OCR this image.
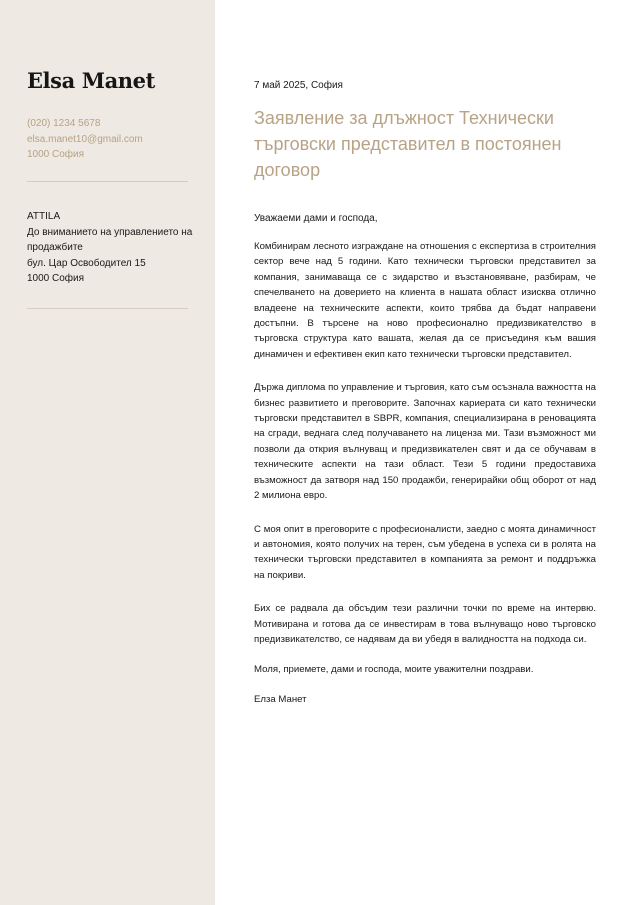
Elsa Manet
(020) 1234 5678
elsa.manet10@gmail.com
1000 София
ATTILA
До вниманието на управлението на продажбите
бул. Цар Освободител 15
1000 София
7 май 2025, София
Заявление за длъжност Технически търговски представител в постоянен договор
Уважаеми дами и господа,
Комбинирам лесното изграждане на отношения с експертиза в строителния сектор вече над 5 години. Като технически търговски представител за компания, занимаваща се с зидарство и възстановяване, разбирам, че спечелването на доверието на клиента в нашата област изисква отлично владеене на техническите аспекти, които трябва да бъдат направени достъпни. В търсене на ново професионално предизвикателство в търговска структура като вашата, желая да се присъединя към вашия динамичен и ефективен екип като технически търговски представител.
Държа диплома по управление и търговия, като съм осъзнала важността на бизнес развитието и преговорите. Започнах кариерата си като технически търговски представител в SBPR, компания, специализирана в реновацията на сгради, веднага след получаването на лиценза ми. Тази възможност ми позволи да открия вълнуващ и предизвикателен свят и да се обучавам в техническите аспекти на тази област. Тези 5 години предоставиха възможност да затворя над 150 продажби, генерирайки общ оборот от над 2 милиона евро.
С моя опит в преговорите с професионалисти, заедно с моята динамичност и автономия, която получих на терен, съм убедена в успеха си в ролята на технически търговски представител в компанията за ремонт и поддръжка на покриви.
Бих се радвала да обсъдим тези различни точки по време на интервю. Мотивирана и готова да се инвестирам в това вълнуващо ново търговско предизвикателство, се надявам да ви убедя в валидността на подхода си.
Моля, приемете, дами и господа, моите уважителни поздрави.
Елза Манет
